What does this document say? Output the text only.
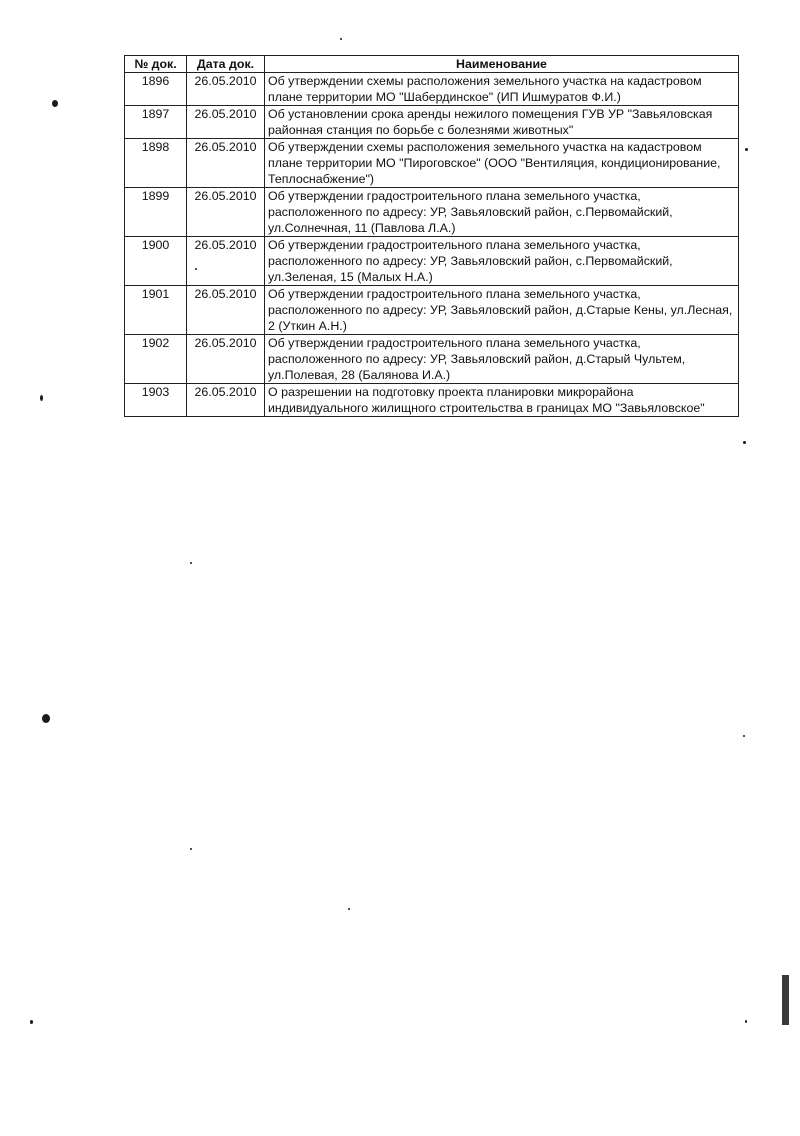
№ док.	Дата док.	Наименование
1896	26.05.2010	Об утверждении схемы расположения земельного участка на кадастровом плане территории МО "Шабердинское" (ИП Ишмуратов Ф.И.)
1897	26.05.2010	Об установлении срока аренды нежилого помещения ГУВ УР "Завьяловская районная станция по борьбе с болезнями животных"
1898	26.05.2010	Об утверждении схемы расположения земельного участка на кадастровом плане территории МО "Пироговское" (ООО "Вентиляция, кондиционирование, Теплоснабжение")
1899	26.05.2010	Об утверждении градостроительного плана земельного участка, расположенного по адресу: УР, Завьяловский район, с.Первомайский, ул.Солнечная, 11 (Павлова Л.А.)
1900	26.05.2010	Об утверждении градостроительного плана земельного участка, расположенного по адресу: УР, Завьяловский район, с.Первомайский, ул.Зеленая, 15 (Малых Н.А.)
1901	26.05.2010	Об утверждении градостроительного плана земельного участка, расположенного по адресу: УР, Завьяловский район, д.Старые Кены, ул.Лесная, 2 (Уткин А.Н.)
1902	26.05.2010	Об утверждении градостроительного плана земельного участка, расположенного по адресу: УР, Завьяловский район, д.Старый Чультем, ул.Полевая, 28 (Балянова И.А.)
1903	26.05.2010	О разрешении на подготовку проекта планировки микрорайона индивидуального жилищного строительства в границах МО "Завьяловское"
